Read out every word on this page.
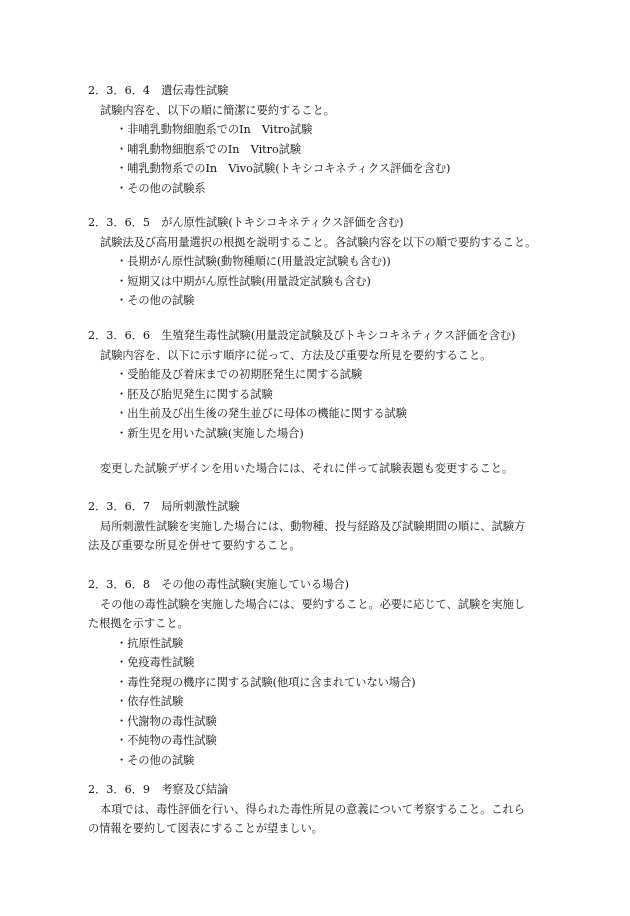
2．3．6．4　遺伝毒性試験
試験内容を、以下の順に簡潔に要約すること。
・非哺乳動物細胞系でのIn　Vitro試験
・哺乳動物細胞系でのIn　Vitro試験
・哺乳動物系でのIn　Vivo試験(トキシコキネティクス評価を含む)
・その他の試験系
2．3．6．5　がん原性試験(トキシコキネティクス評価を含む)
試験法及び高用量選択の根拠を説明すること。各試験内容を以下の順で要約すること。
・長期がん原性試験(動物種順に(用量設定試験も含む))
・短期又は中期がん原性試験(用量設定試験も含む)
・その他の試験
2．3．6．6　生殖発生毒性試験(用量設定試験及びトキシコキネティクス評価を含む)
試験内容を、以下に示す順序に従って、方法及び重要な所見を要約すること。
・受胎能及び着床までの初期胚発生に関する試験
・胚及び胎児発生に関する試験
・出生前及び出生後の発生並びに母体の機能に関する試験
・新生児を用いた試験(実施した場合)
変更した試験デザインを用いた場合には、それに伴って試験表題も変更すること。
2．3．6．7　局所刺激性試験
局所刺激性試験を実施した場合には、動物種、投与経路及び試験期間の順に、試験方
法及び重要な所見を併せて要約すること。
2．3．6．8　その他の毒性試験(実施している場合)
その他の毒性試験を実施した場合には、要約すること。必要に応じて、試験を実施し
た根拠を示すこと。
・抗原性試験
・免疫毒性試験
・毒性発現の機序に関する試験(他項に含まれていない場合)
・依存性試験
・代謝物の毒性試験
・不純物の毒性試験
・その他の試験
2．3．6．9　考察及び結論
本項では、毒性評価を行い、得られた毒性所見の意義について考察すること。これら
の情報を要約して図表にすることが望ましい。
